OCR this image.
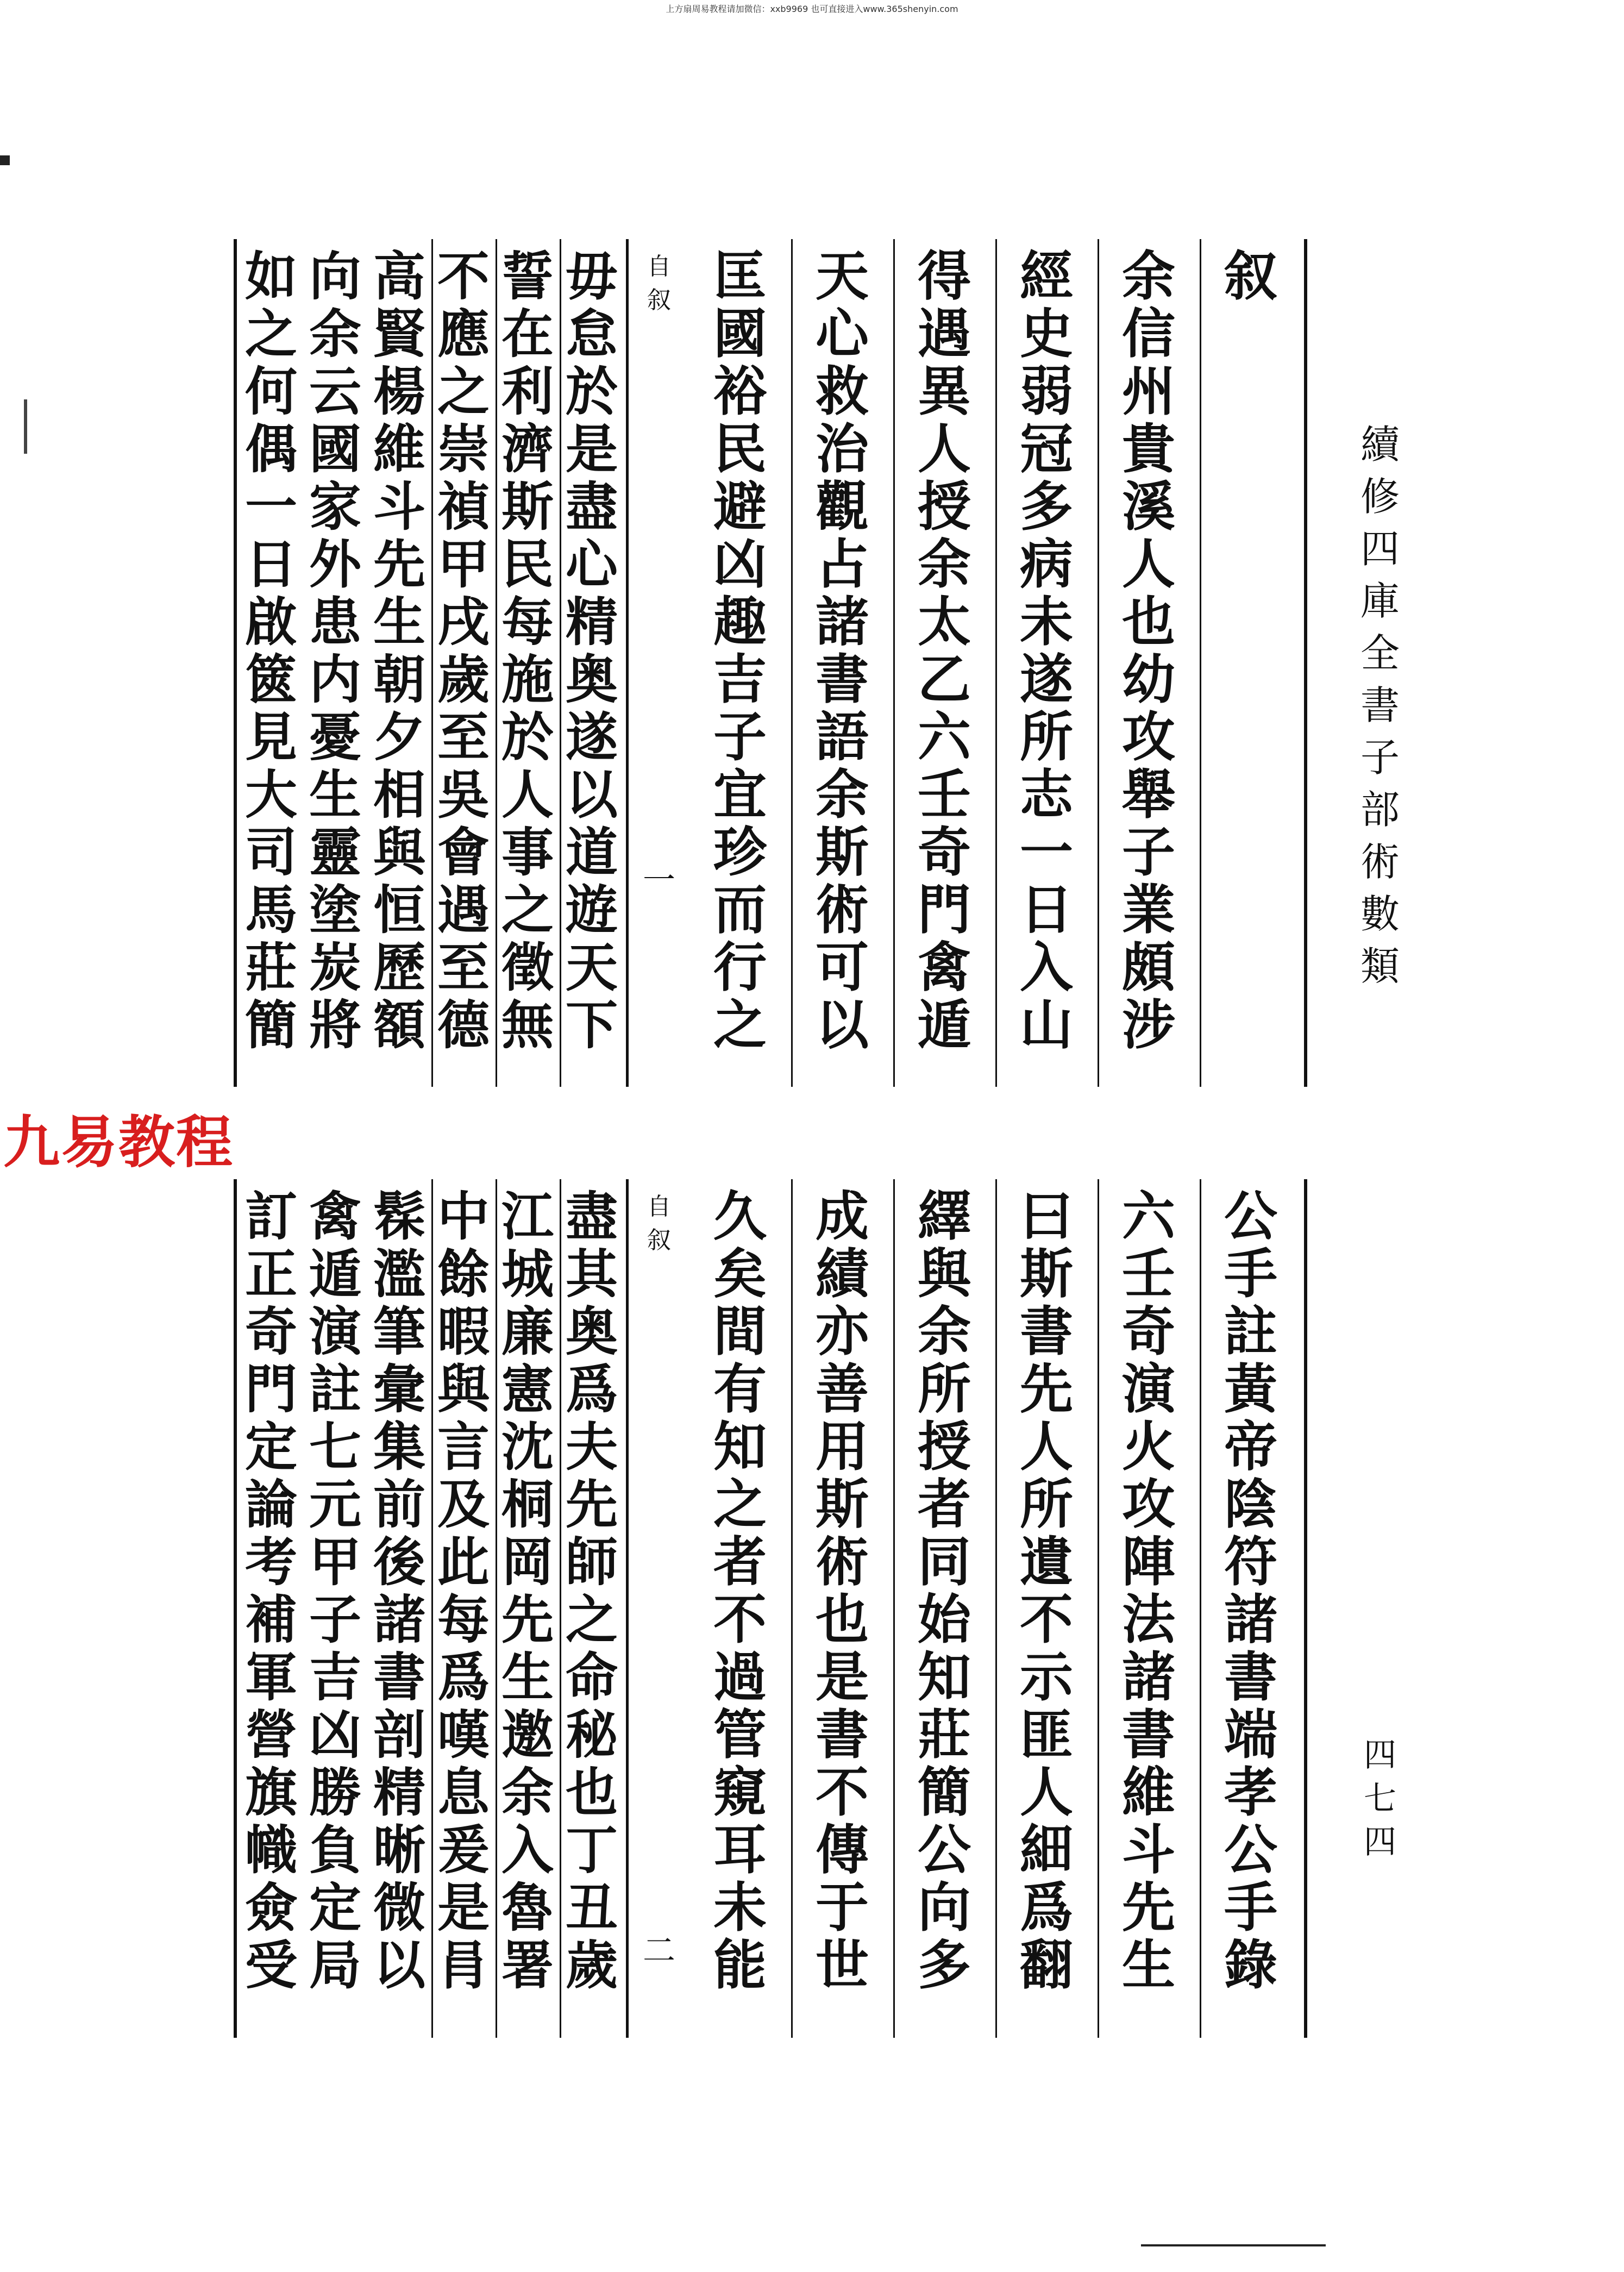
上方扇周易教程请加微信：xxb9969 也可直接进入www.365shenyin.com
九易教程
續
修
四
庫
全
書
子
部
術
數
類
四
七
四
自
叙
一
叙
余
信
州
貴
溪
人
也
幼
攻
舉
子
業
頗
涉
經
史
弱
冠
多
病
未
遂
所
志
一
日
入
山
得
遇
異
人
授
余
太
乙
六
壬
奇
門
禽
遁
天
心
救
治
觀
占
諸
書
語
余
斯
術
可
以
匡
國
裕
民
避
凶
趣
吉
子
宜
珍
而
行
之
毋
怠
於
是
盡
心
精
奥
遂
以
道
遊
天
下
誓
在
利
濟
斯
民
每
施
於
人
事
之
徵
無
不
應
之
崇
禎
甲
戌
歲
至
吳
會
遇
至
德
高
賢
楊
維
斗
先
生
朝
夕
相
與
恒
歷
額
向
余
云
國
家
外
患
内
憂
生
靈
塗
炭
將
如
之
何
偶
一
日
啟
篋
見
大
司
馬
莊
簡
自
叙
二
公
手
註
黃
帝
陰
符
諸
書
端
孝
公
手
錄
六
壬
奇
演
火
攻
陣
法
諸
書
維
斗
先
生
曰
斯
書
先
人
所
遺
不
示
匪
人
細
爲
翻
繹
與
余
所
授
者
同
始
知
莊
簡
公
向
多
成
績
亦
善
用
斯
術
也
是
書
不
傳
于
世
久
矣
間
有
知
之
者
不
過
管
窺
耳
未
能
盡
其
奥
爲
夫
先
師
之
命
秘
也
丁
丑
歲
江
城
廉
憲
沈
桐
岡
先
生
邀
余
入
魯
署
中
餘
暇
與
言
及
此
每
爲
嘆
息
爰
是
肙
髹
濫
筆
彙
集
前
後
諸
書
剖
精
晰
微
以
禽
遁
演
註
七
元
甲
子
吉
凶
勝
負
定
局
訂
正
奇
門
定
論
考
補
軍
營
旗
幟
僉
受
